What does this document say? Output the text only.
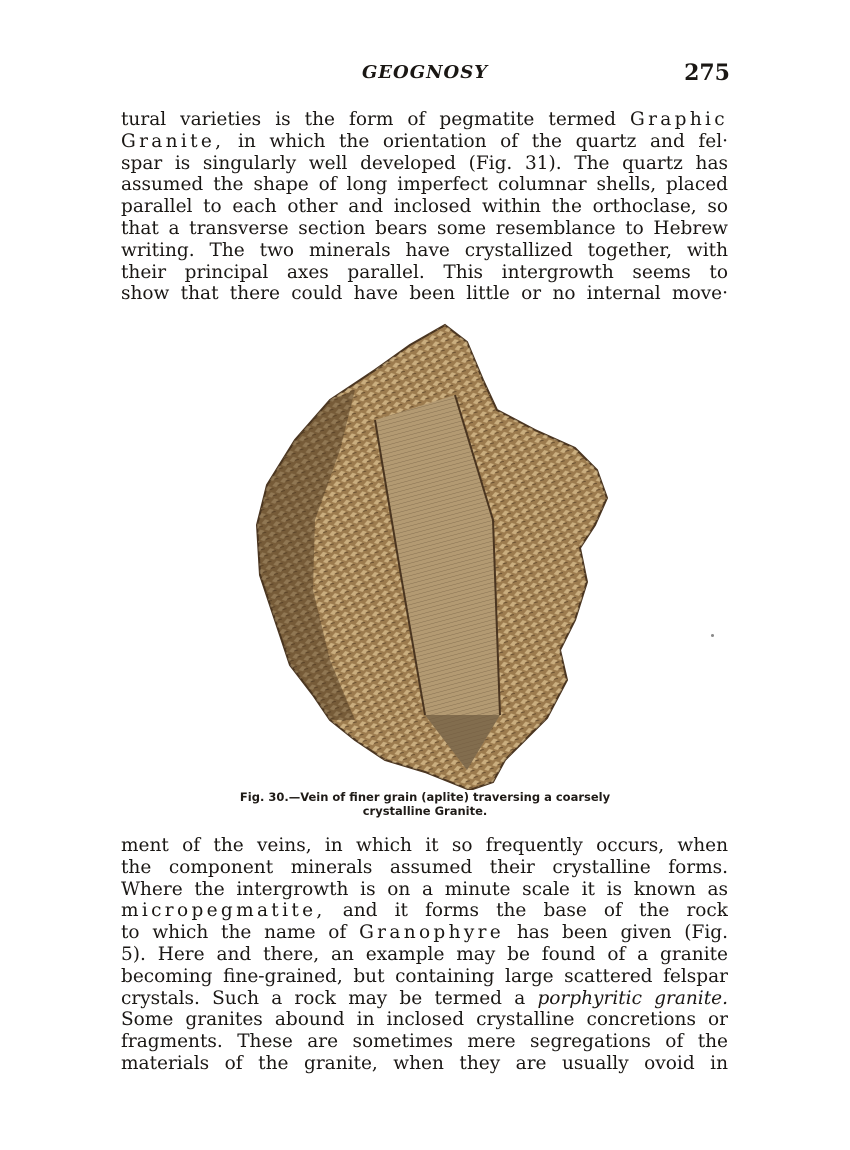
GEOGNOSY	275
tural varieties is the form of pegmatite termed Graphic
Granite, in which the orientation of the quartz and fel·
spar is singularly well developed (Fig. 31). The quartz has
assumed the shape of long imperfect columnar shells, placed
parallel to each other and inclosed within the orthoclase, so
that a transverse section bears some resemblance to Hebrew
writing. The two minerals have crystallized together, with
their principal axes parallel. This intergrowth seems to
show that there could have been little or no internal move·
Fig. 30.—Vein of finer grain (aplite) traversing a coarsely
crystalline Granite.
ment of the veins, in which it so frequently occurs, when
the component minerals assumed their crystalline forms.
Where the intergrowth is on a minute scale it is known as
micropegmatite, and it forms the base of the rock
to which the name of Granophyre has been given (Fig.
5). Here and there, an example may be found of a granite
becoming fine-grained, but containing large scattered felspar
crystals. Such a rock may be termed a porphyritic granite.
Some granites abound in inclosed crystalline concretions or
fragments. These are sometimes mere segregations of the
materials of the granite, when they are usually ovoid in
